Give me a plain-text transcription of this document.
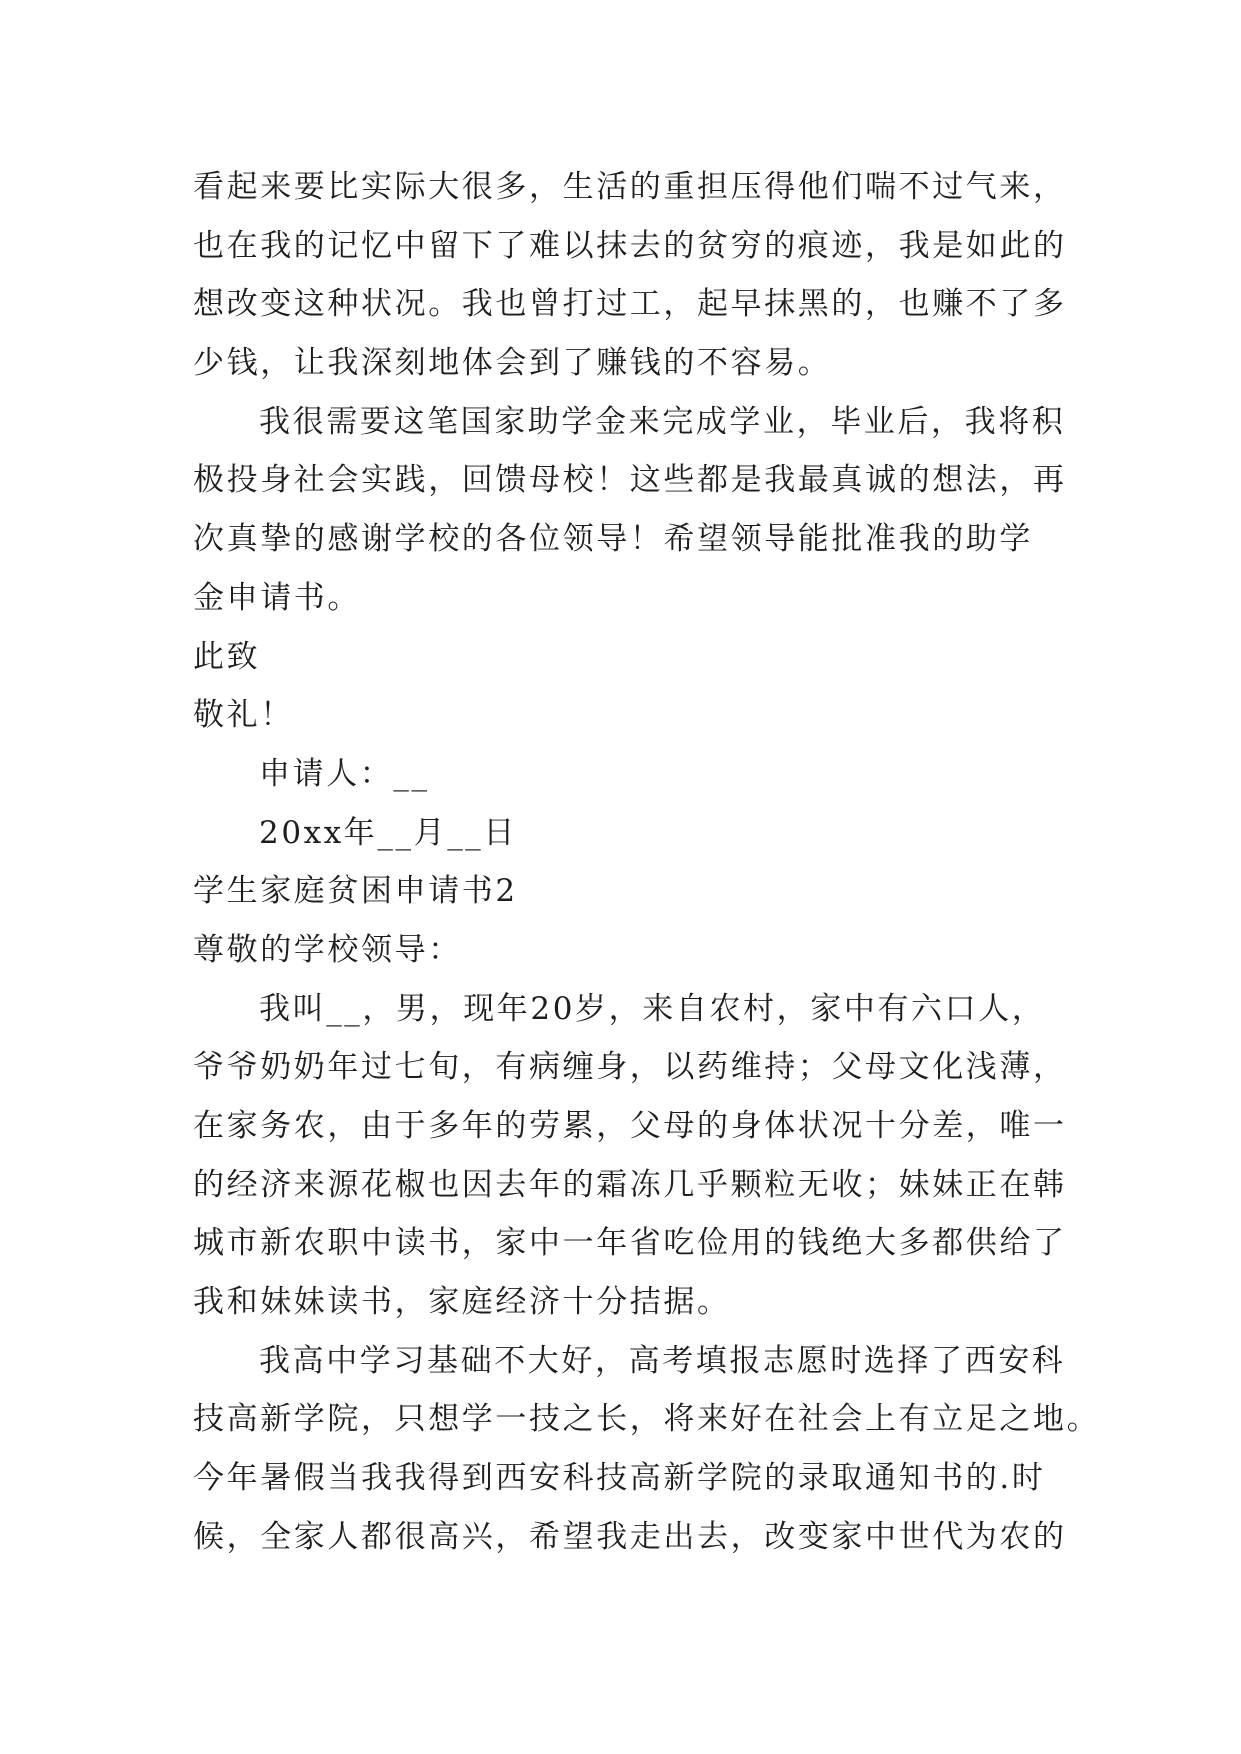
看起来要比实际大很多，生活的重担压得他们喘不过气来，
也在我的记忆中留下了难以抹去的贫穷的痕迹，我是如此的
想改变这种状况。我也曾打过工，起早抹黑的，也赚不了多
少钱，让我深刻地体会到了赚钱的不容易。
我很需要这笔国家助学金来完成学业，毕业后，我将积
极投身社会实践，回馈母校！这些都是我最真诚的想法，再
次真挚的感谢学校的各位领导！希望领导能批准我的助学
金申请书。
此致
敬礼！
申请人：__
20xx年__月__日
学生家庭贫困申请书2
尊敬的学校领导：
我叫__，男，现年20岁，来自农村，家中有六口人，
爷爷奶奶年过七旬，有病缠身，以药维持；父母文化浅薄，
在家务农，由于多年的劳累，父母的身体状况十分差，唯一
的经济来源花椒也因去年的霜冻几乎颗粒无收；妹妹正在韩
城市新农职中读书，家中一年省吃俭用的钱绝大多都供给了
我和妹妹读书，家庭经济十分拮据。
我高中学习基础不大好，高考填报志愿时选择了西安科
技高新学院，只想学一技之长，将来好在社会上有立足之地。
今年暑假当我我得到西安科技高新学院的录取通知书的.时
候，全家人都很高兴，希望我走出去，改变家中世代为农的
